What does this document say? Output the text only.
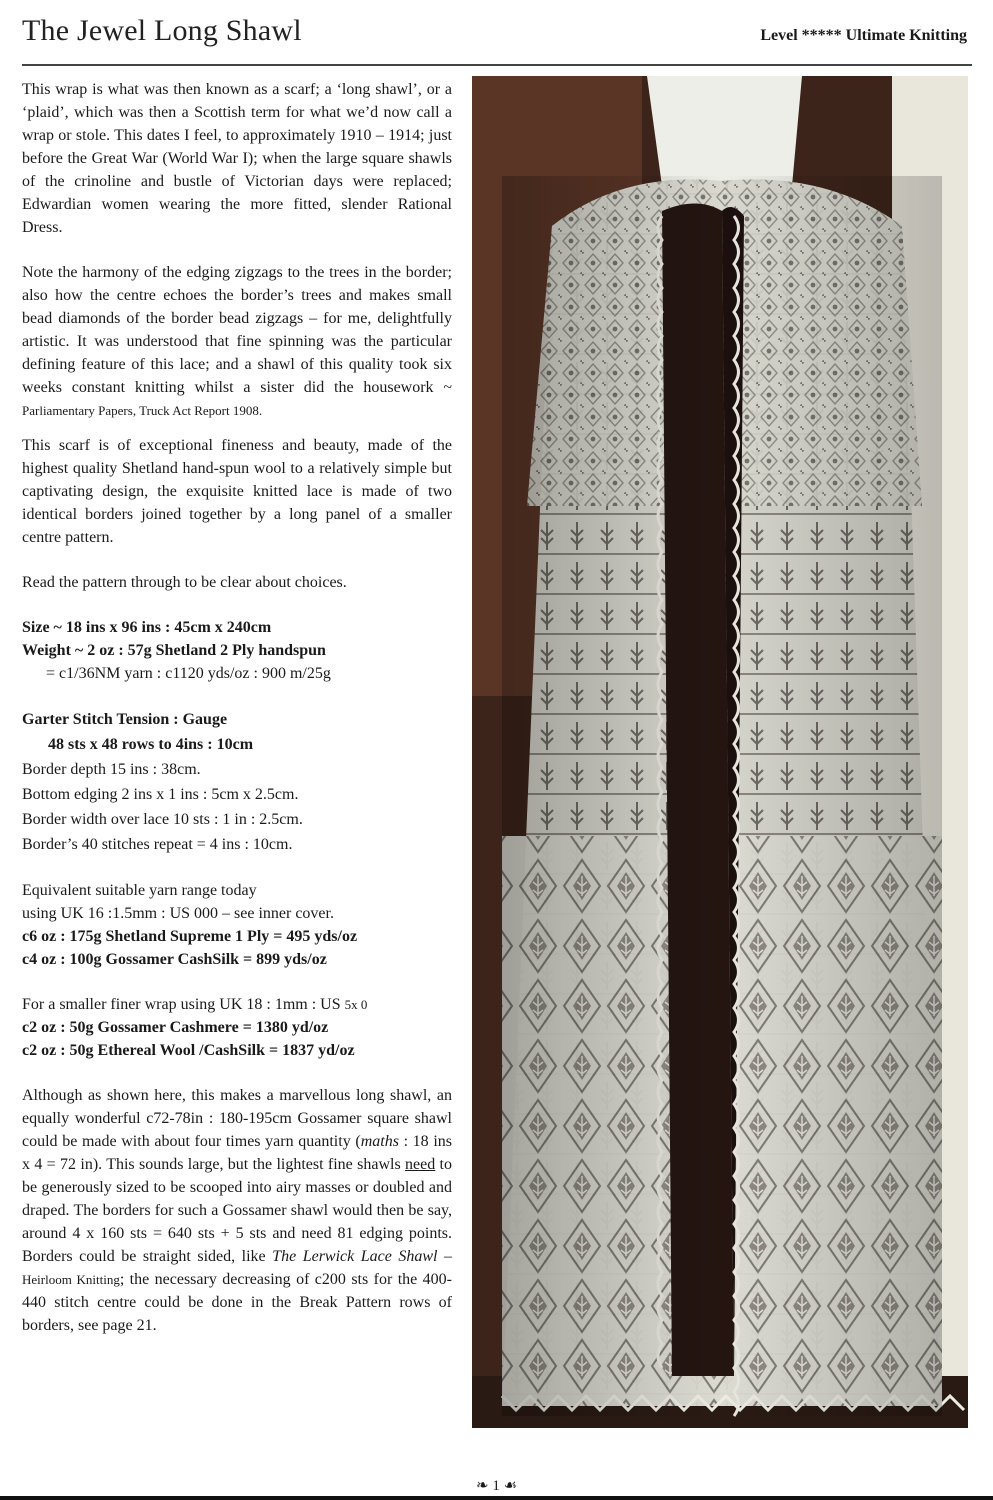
The Jewel Long Shawl	Level ***** Ultimate Knitting

This wrap is what was then known as a scarf; a ‘long shawl’, or a ‘plaid’, which was then a Scottish term for what we’d now call a wrap or stole. This dates I feel, to approximately 1910 – 1914; just before the Great War (World War I); when the large square shawls of the crinoline and bustle of Victorian days were replaced; Edwardian women wearing the more fitted, slender Rational Dress.

Note the harmony of the edging zigzags to the trees in the border; also how the centre echoes the border’s trees and makes small bead diamonds of the border bead zigzags – for me, delightfully artistic. It was understood that fine spinning was the particular defining feature of this lace; and a shawl of this quality took six weeks constant knitting whilst a sister did the housework ~ Parliamentary Papers, Truck Act Report 1908.

This scarf is of exceptional fineness and beauty, made of the highest quality Shetland hand-spun wool to a relatively simple but captivating design, the exquisite knitted lace is made of two identical borders joined together by a long panel of a smaller centre pattern.

Read the pattern through to be clear about choices.

Size ~ 18 ins x 96 ins : 45cm x 240cm
Weight ~ 2 oz : 57g Shetland 2 Ply handspun
= c1/36NM yarn : c1120 yds/oz : 900 m/25g
Garter Stitch Tension : Gauge
48 sts x 48 rows to 4ins : 10cm
Border depth 15 ins : 38cm.
Bottom edging 2 ins x 1 ins : 5cm x 2.5cm.
Border width over lace 10 sts : 1 in : 2.5cm.
Border’s 40 stitches repeat = 4 ins : 10cm.
Equivalent suitable yarn range today
using UK 16 :1.5mm : US 000 – see inner cover.
c6 oz : 175g Shetland Supreme 1 Ply = 495 yds/oz
c4 oz : 100g Gossamer CashSilk = 899 yds/oz
For a smaller finer wrap using UK 18 : 1mm : US 5x 0
c2 oz : 50g Gossamer Cashmere = 1380 yd/oz
c2 oz : 50g Ethereal Wool /CashSilk = 1837 yd/oz

Although as shown here, this makes a marvellous long shawl, an equally wonderful c72-78in : 180-195cm Gossamer square shawl could be made with about four times yarn quantity (maths : 18 ins x 4 = 72 in). This sounds large, but the lightest fine shawls need to be generously sized to be scooped into airy masses or doubled and draped. The borders for such a Gossamer shawl would then be say, around 4 x 160 sts = 640 sts + 5 sts and need 81 edging points. Borders could be straight sided, like The Lerwick Lace Shawl – Heirloom Knitting; the necessary decreasing of c200 sts for the 400-440 stitch centre could be done in the Break Pattern rows of borders, see page 21.

❧ 1 ☙
